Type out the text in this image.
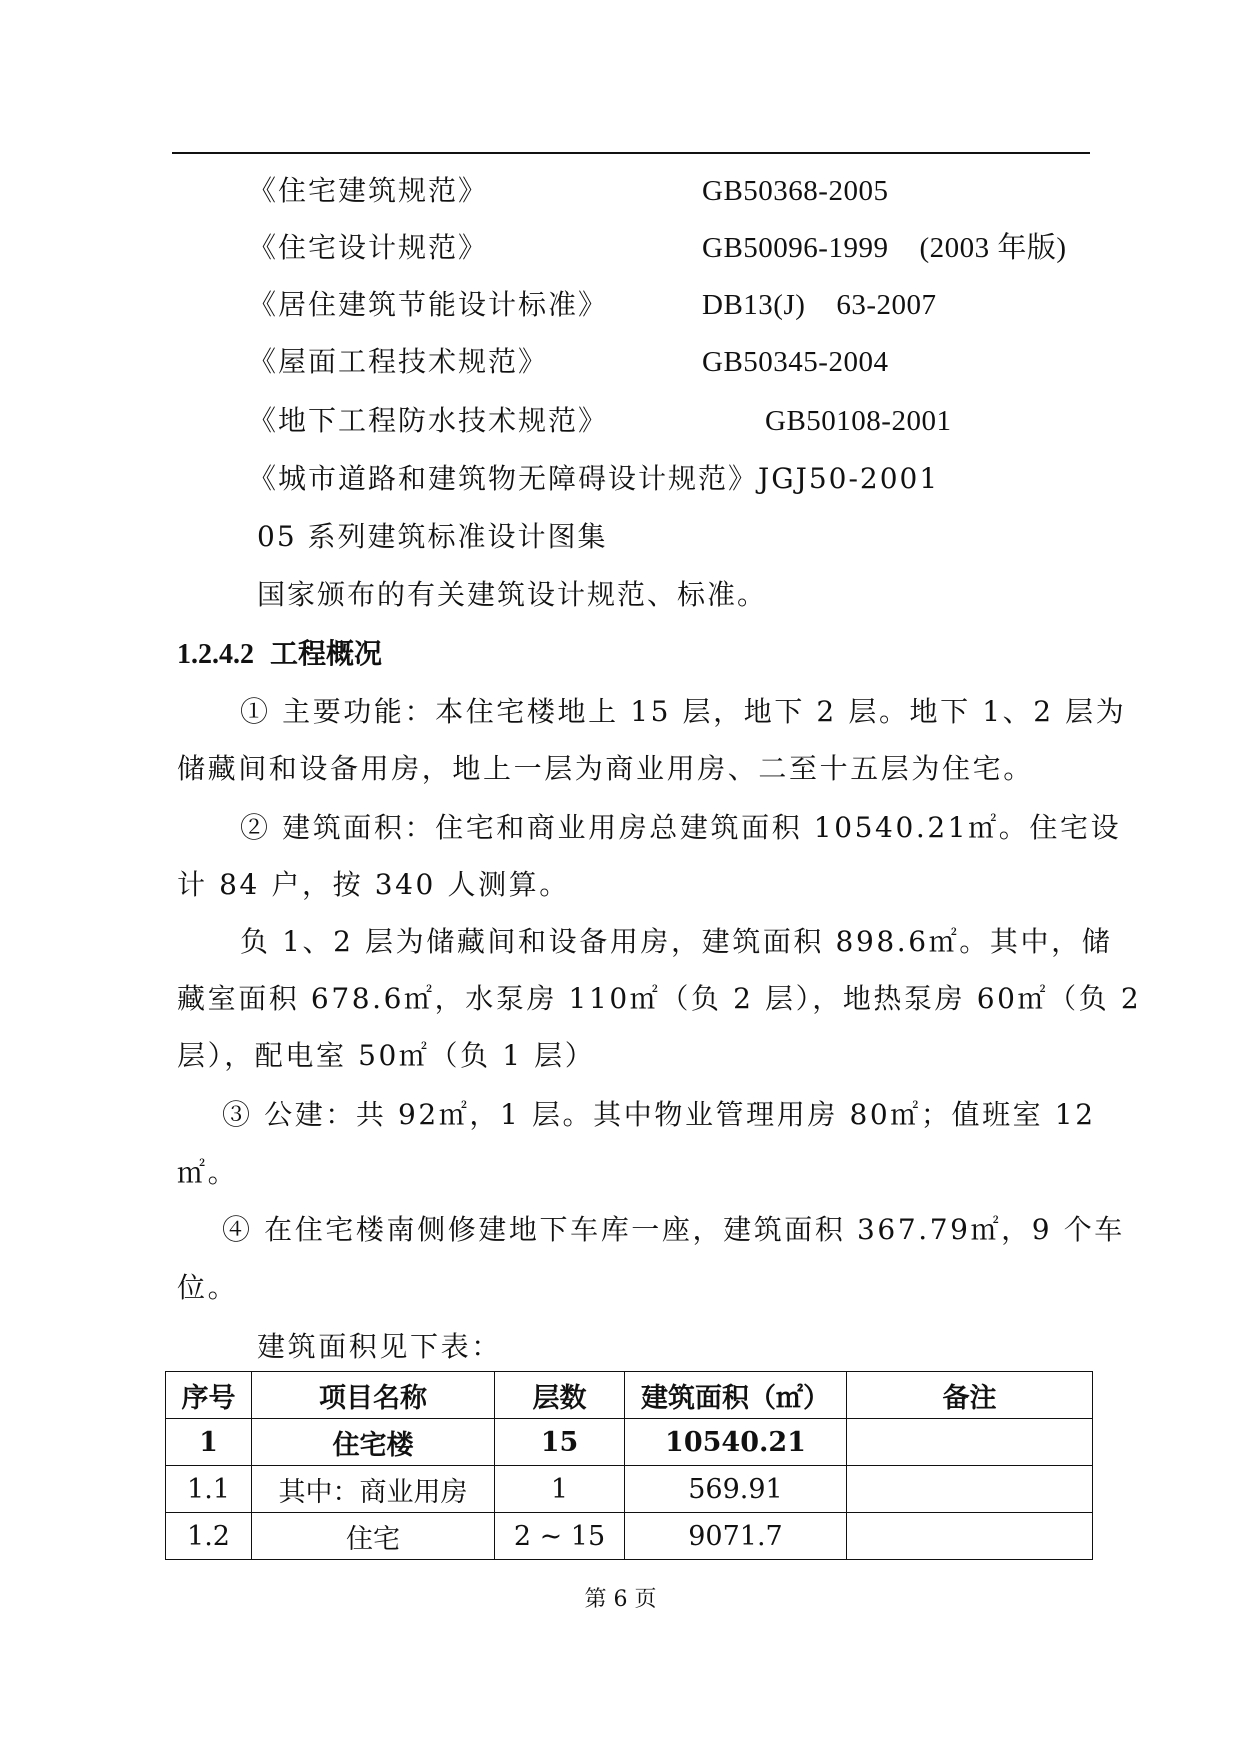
《住宅建筑规范》	GB50368-2005
《住宅设计规范》	GB50096-1999    (2003 年版)
《居住建筑节能设计标准》	DB13(J)    63-2007
《屋面工程技术规范》	GB50345-2004
《地下工程防水技术规范》	GB50108-2001
《城市道路和建筑物无障碍设计规范》JGJ50-2001
05 系列建筑标准设计图集
国家颁布的有关建筑设计规范、标准。
1.2.4.2 工程概况
① 主要功能：本住宅楼地上 15 层，地下 2 层。地下 1、2 层为
储藏间和设备用房，地上一层为商业用房、二至十五层为住宅。
② 建筑面积：住宅和商业用房总建筑面积 10540.21㎡。住宅设
计 84 户，按 340 人测算。
负 1、2 层为储藏间和设备用房，建筑面积 898.6㎡。其中，储
藏室面积 678.6㎡，水泵房 110㎡（负 2 层），地热泵房 60㎡（负 2
层），配电室 50㎡（负 1 层）
③ 公建：共 92㎡，1 层。其中物业管理用房 80㎡；值班室 12
㎡。
④ 在住宅楼南侧修建地下车库一座，建筑面积 367.79㎡，9 个车
位。
建筑面积见下表：
序号	项目名称	层数	建筑面积（㎡）	备注
1	住宅楼	15	10540.21	
1.1	其中：商业用房	1	569.91	
1.2	住宅	2 ~ 15	9071.7	
第 6 页
